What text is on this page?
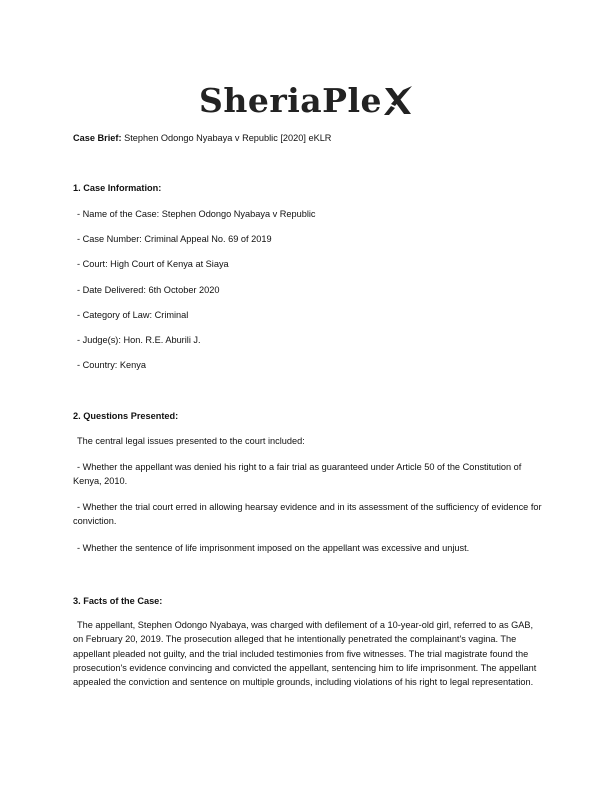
SheriaPle
Case Brief: Stephen Odongo Nyabaya v Republic [2020] eKLR
1. Case Information:
- Name of the Case: Stephen Odongo Nyabaya v Republic
- Case Number: Criminal Appeal No. 69 of 2019
- Court: High Court of Kenya at Siaya
- Date Delivered: 6th October 2020
- Category of Law: Criminal
- Judge(s): Hon. R.E. Aburili J.
- Country: Kenya
2. Questions Presented:
The central legal issues presented to the court included:
- Whether the appellant was denied his right to a fair trial as guaranteed under Article 50 of the Constitution of Kenya, 2010.
- Whether the trial court erred in allowing hearsay evidence and in its assessment of the sufficiency of evidence for conviction.
- Whether the sentence of life imprisonment imposed on the appellant was excessive and unjust.
3. Facts of the Case:
The appellant, Stephen Odongo Nyabaya, was charged with defilement of a 10-year-old girl, referred to as GAB, on February 20, 2019. The prosecution alleged that he intentionally penetrated the complainant's vagina. The appellant pleaded not guilty, and the trial included testimonies from five witnesses. The trial magistrate found the prosecution's evidence convincing and convicted the appellant, sentencing him to life imprisonment. The appellant appealed the conviction and sentence on multiple grounds, including violations of his right to legal representation.
